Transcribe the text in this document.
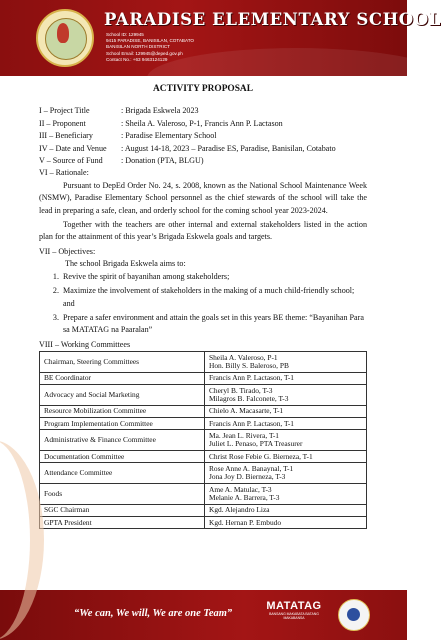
PARADISE ELEMENTARY SCHOOL
School ID: 129945
9415 PARADISE, BANISILAN, COTABATO
BANISILAN NORTH DISTRICT
School Email: 129945@deped.gov.ph
Contact No.: +63 9463124129
ACTIVITY PROPOSAL
I – Project Title	: Brigada Eskwela 2023
II – Proponent	: Sheila A. Valeroso, P-1, Francis Ann P. Lactason
III – Beneficiary	: Paradise Elementary School
IV – Date and Venue	: August 14-18, 2023 – Paradise ES, Paradise, Banisilan, Cotabato
V – Source of Fund	: Donation (PTA, BLGU)
VI – Rationale:

Pursuant to DepEd Order No. 24, s. 2008, known as the National School Maintenance Week (NSMW), Paradise Elementary School personnel as the chief stewards of the school will take the lead in preparing a safe, clean, and orderly school for the coming school year 2023-2024.

Together with the teachers are other internal and external stakeholders listed in the action plan for the attainment of this year’s Brigada Eskwela goals and targets.

VII – Objectives:
The school Brigada Eskwela aims to:
1. Revive the spirit of bayanihan among stakeholders;
2. Maximize the involvement of stakeholders in the making of a much child-friendly school; and
3. Prepare a safer environment and attain the goals set in this years BE theme: “Bayanihan Para sa MATATAG na Paaralan”
VIII – Working Committees
Chairman, Steering Committees	Sheila A. Valeroso, P-1
Hon. Billy S. Baleroso, PB

BE Coordinator	Francis Ann P. Lactason, T-1

Advocacy and Social Marketing	Cheryl B. Tirado, T-3
Milagros B. Falconete, T-3

Resource Mobilization Committee	Chielo A. Macasarte, T-1

Program Implementation Committee	Francis Ann P. Lactason, T-1

Administrative & Finance Committee	Ma. Jean L. Rivera, T-1
Juliet L. Penaso, PTA Treasurer

Documentation Committee	Christ Rose Febie G. Bierneza, T-1

Attendance Committee	Rose Anne A. Banaynal, T-1
Jona Joy D. Bierneza, T-3

Foods	Ame A. Matulac, T-3
Melanie A. Barrera, T-3

SGC Chairman	Kgd. Alejandro Liza

GPTA President	Kgd. Hernan P. Embudo
“We can, We will, We are one Team”
MATATAG
BANSANG MAKABATA BATANG MAKABANSA
